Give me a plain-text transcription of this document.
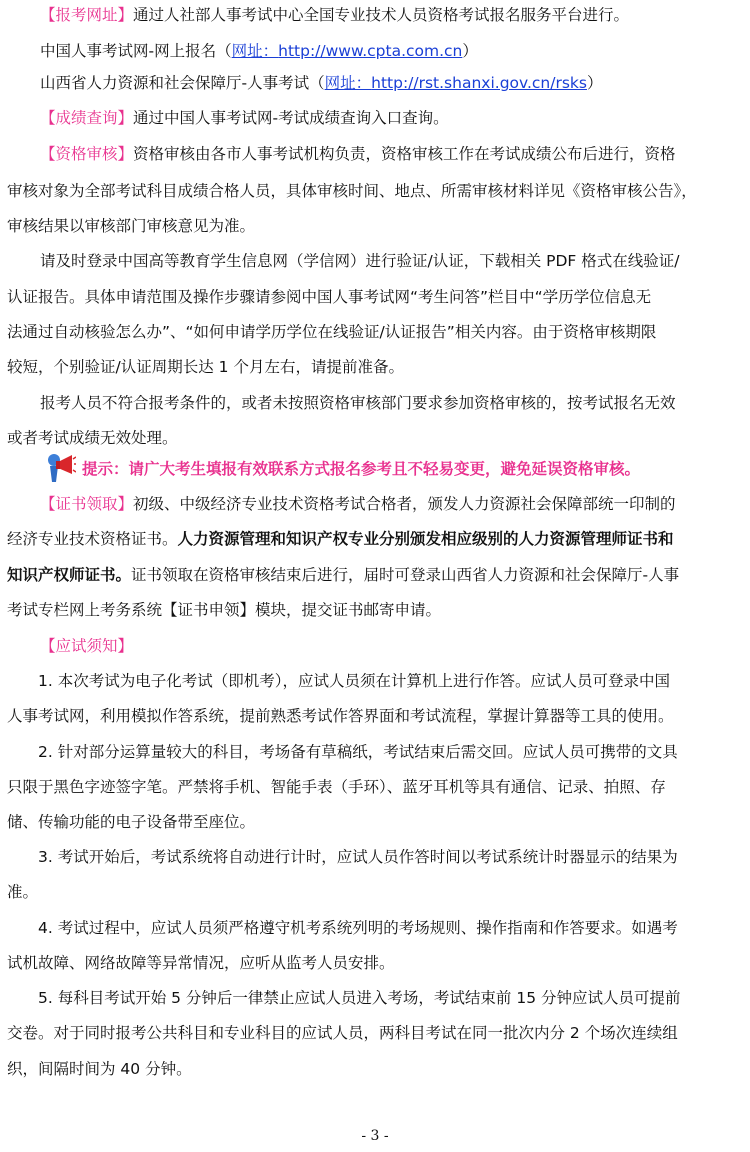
【报考网址】通过人社部人事考试中心全国专业技术人员资格考试报名服务平台进行。
中国人事考试网-网上报名（网址：http://www.cpta.com.cn）
山西省人力资源和社会保障厅-人事考试（网址：http://rst.shanxi.gov.cn/rsks）
【成绩查询】通过中国人事考试网-考试成绩查询入口查询。
【资格审核】资格审核由各市人事考试机构负责，资格审核工作在考试成绩公布后进行，资格
审核对象为全部考试科目成绩合格人员，具体审核时间、地点、所需审核材料详见《资格审核公告》，
审核结果以审核部门审核意见为准。
请及时登录中国高等教育学生信息网（学信网）进行验证/认证，下载相关 PDF 格式在线验证/
认证报告。具体申请范围及操作步骤请参阅中国人事考试网“考生问答”栏目中“学历学位信息无
法通过自动核验怎么办”、“如何申请学历学位在线验证/认证报告”相关内容。由于资格审核期限
较短，个别验证/认证周期长达 1 个月左右，请提前准备。
报考人员不符合报考条件的，或者未按照资格审核部门要求参加资格审核的，按考试报名无效
或者考试成绩无效处理。
提示：请广大考生填报有效联系方式报名参考且不轻易变更，避免延误资格审核。
【证书领取】初级、中级经济专业技术资格考试合格者，颁发人力资源社会保障部统一印制的
经济专业技术资格证书。人力资源管理和知识产权专业分别颁发相应级别的人力资源管理师证书和
知识产权师证书。证书领取在资格审核结束后进行，届时可登录山西省人力资源和社会保障厅-人事
考试专栏网上考务系统【证书申领】模块，提交证书邮寄申请。
【应试须知】
1. 本次考试为电子化考试（即机考），应试人员须在计算机上进行作答。应试人员可登录中国
人事考试网，利用模拟作答系统，提前熟悉考试作答界面和考试流程，掌握计算器等工具的使用。
2. 针对部分运算量较大的科目，考场备有草稿纸，考试结束后需交回。应试人员可携带的文具
只限于黑色字迹签字笔。严禁将手机、智能手表（手环）、蓝牙耳机等具有通信、记录、拍照、存
储、传输功能的电子设备带至座位。
3. 考试开始后，考试系统将自动进行计时，应试人员作答时间以考试系统计时器显示的结果为
准。
4. 考试过程中，应试人员须严格遵守机考系统列明的考场规则、操作指南和作答要求。如遇考
试机故障、网络故障等异常情况，应听从监考人员安排。
5. 每科目考试开始 5 分钟后一律禁止应试人员进入考场，考试结束前 15 分钟应试人员可提前
交卷。对于同时报考公共科目和专业科目的应试人员，两科目考试在同一批次内分 2 个场次连续组
织，间隔时间为 40 分钟。
- 3 -
